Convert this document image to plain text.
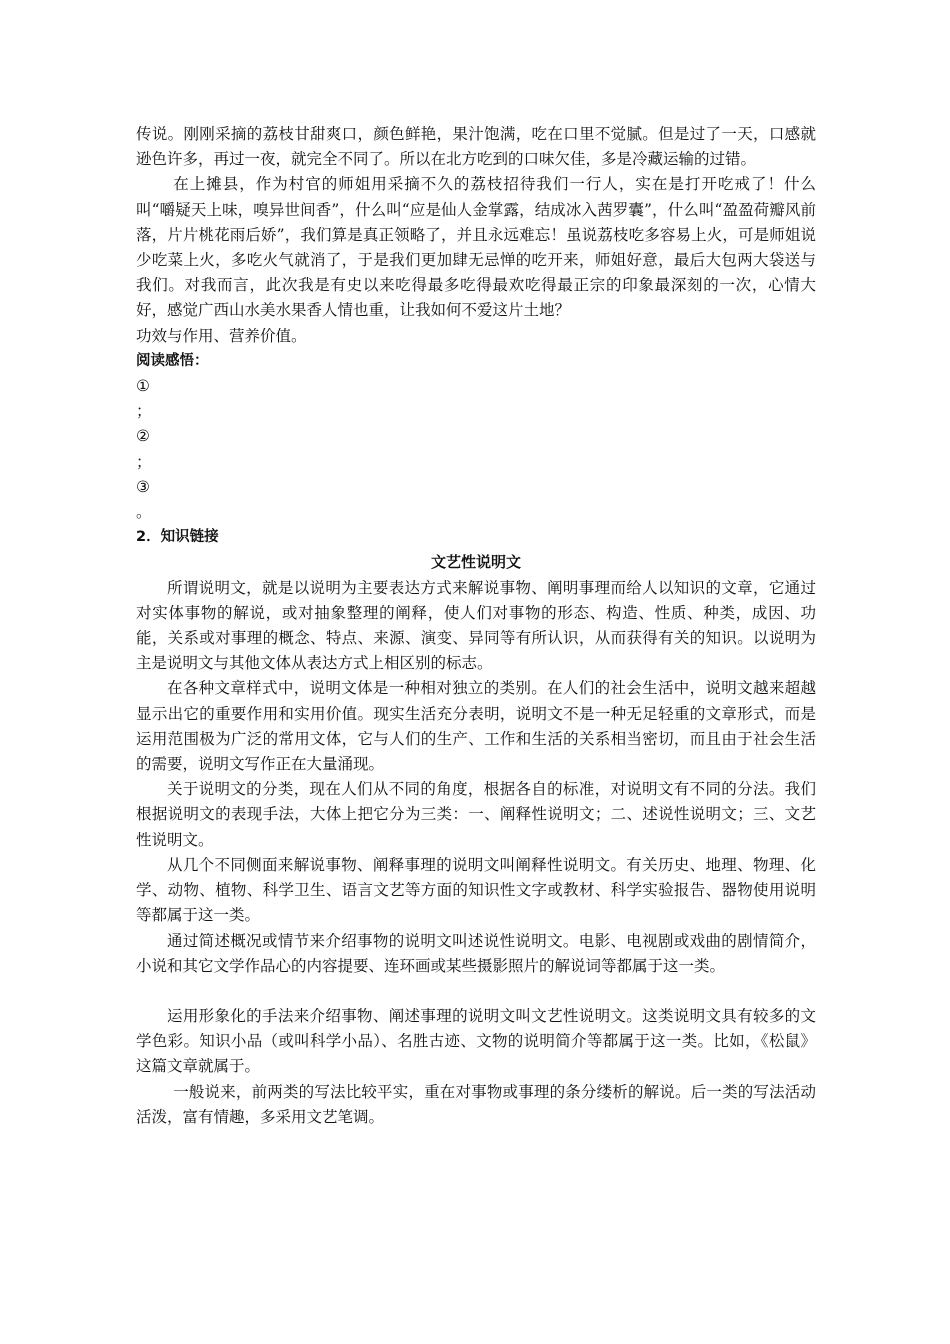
传说。刚刚采摘的荔枝甘甜爽口，颜色鲜艳，果汁饱满，吃在口里不觉腻。但是过了一天，口感就逊色许多，再过一夜，就完全不同了。所以在北方吃到的口味欠佳，多是冷藏运输的过错。

在上摊县，作为村官的师姐用采摘不久的荔枝招待我们一行人，实在是打开吃戒了！什么叫“嚼疑天上味，嗅异世间香”，什么叫“应是仙人金掌露，结成冰入茜罗囊”，什么叫“盈盈荷瓣风前落，片片桃花雨后娇”，我们算是真正领略了，并且永远难忘！虽说荔枝吃多容易上火，可是师姐说少吃菜上火，多吃火气就消了，于是我们更加肆无忌惮的吃开来，师姐好意，最后大包两大袋送与我们。对我而言，此次我是有史以来吃得最多吃得最欢吃得最正宗的印象最深刻的一次，心情大好，感觉广西山水美水果香人情也重，让我如何不爱这片土地？

功效与作用、营养价值。

阅读感悟：

①

；

②

；

③

。

2．知识链接

文艺性说明文

所谓说明文，就是以说明为主要表达方式来解说事物、阐明事理而给人以知识的文章，它通过对实体事物的解说，或对抽象整理的阐释，使人们对事物的形态、构造、性质、种类，成因、功能，关系或对事理的概念、特点、来源、演变、异同等有所认识，从而获得有关的知识。以说明为主是说明文与其他文体从表达方式上相区别的标志。

在各种文章样式中，说明文体是一种相对独立的类别。在人们的社会生活中，说明文越来超越显示出它的重要作用和实用价值。现实生活充分表明，说明文不是一种无足轻重的文章形式，而是运用范围极为广泛的常用文体，它与人们的生产、工作和生活的关系相当密切，而且由于社会生活的需要，说明文写作正在大量涌现。

关于说明文的分类，现在人们从不同的角度，根据各自的标准，对说明文有不同的分法。我们根据说明文的表现手法，大体上把它分为三类：一、阐释性说明文；二、述说性说明文；三、文艺性说明文。

从几个不同侧面来解说事物、阐释事理的说明文叫阐释性说明文。有关历史、地理、物理、化学、动物、植物、科学卫生、语言文艺等方面的知识性文字或教材、科学实验报告、器物使用说明等都属于这一类。

通过简述概况或情节来介绍事物的说明文叫述说性说明文。电影、电视剧或戏曲的剧情简介，小说和其它文学作品心的内容提要、连环画或某些摄影照片的解说词等都属于这一类。

运用形象化的手法来介绍事物、阐述事理的说明文叫文艺性说明文。这类说明文具有较多的文学色彩。知识小品（或叫科学小品）、名胜古迹、文物的说明简介等都属于这一类。比如，《松鼠》这篇文章就属于。

一般说来，前两类的写法比较平实，重在对事物或事理的条分缕析的解说。后一类的写法活动活泼，富有情趣，多采用文艺笔调。
